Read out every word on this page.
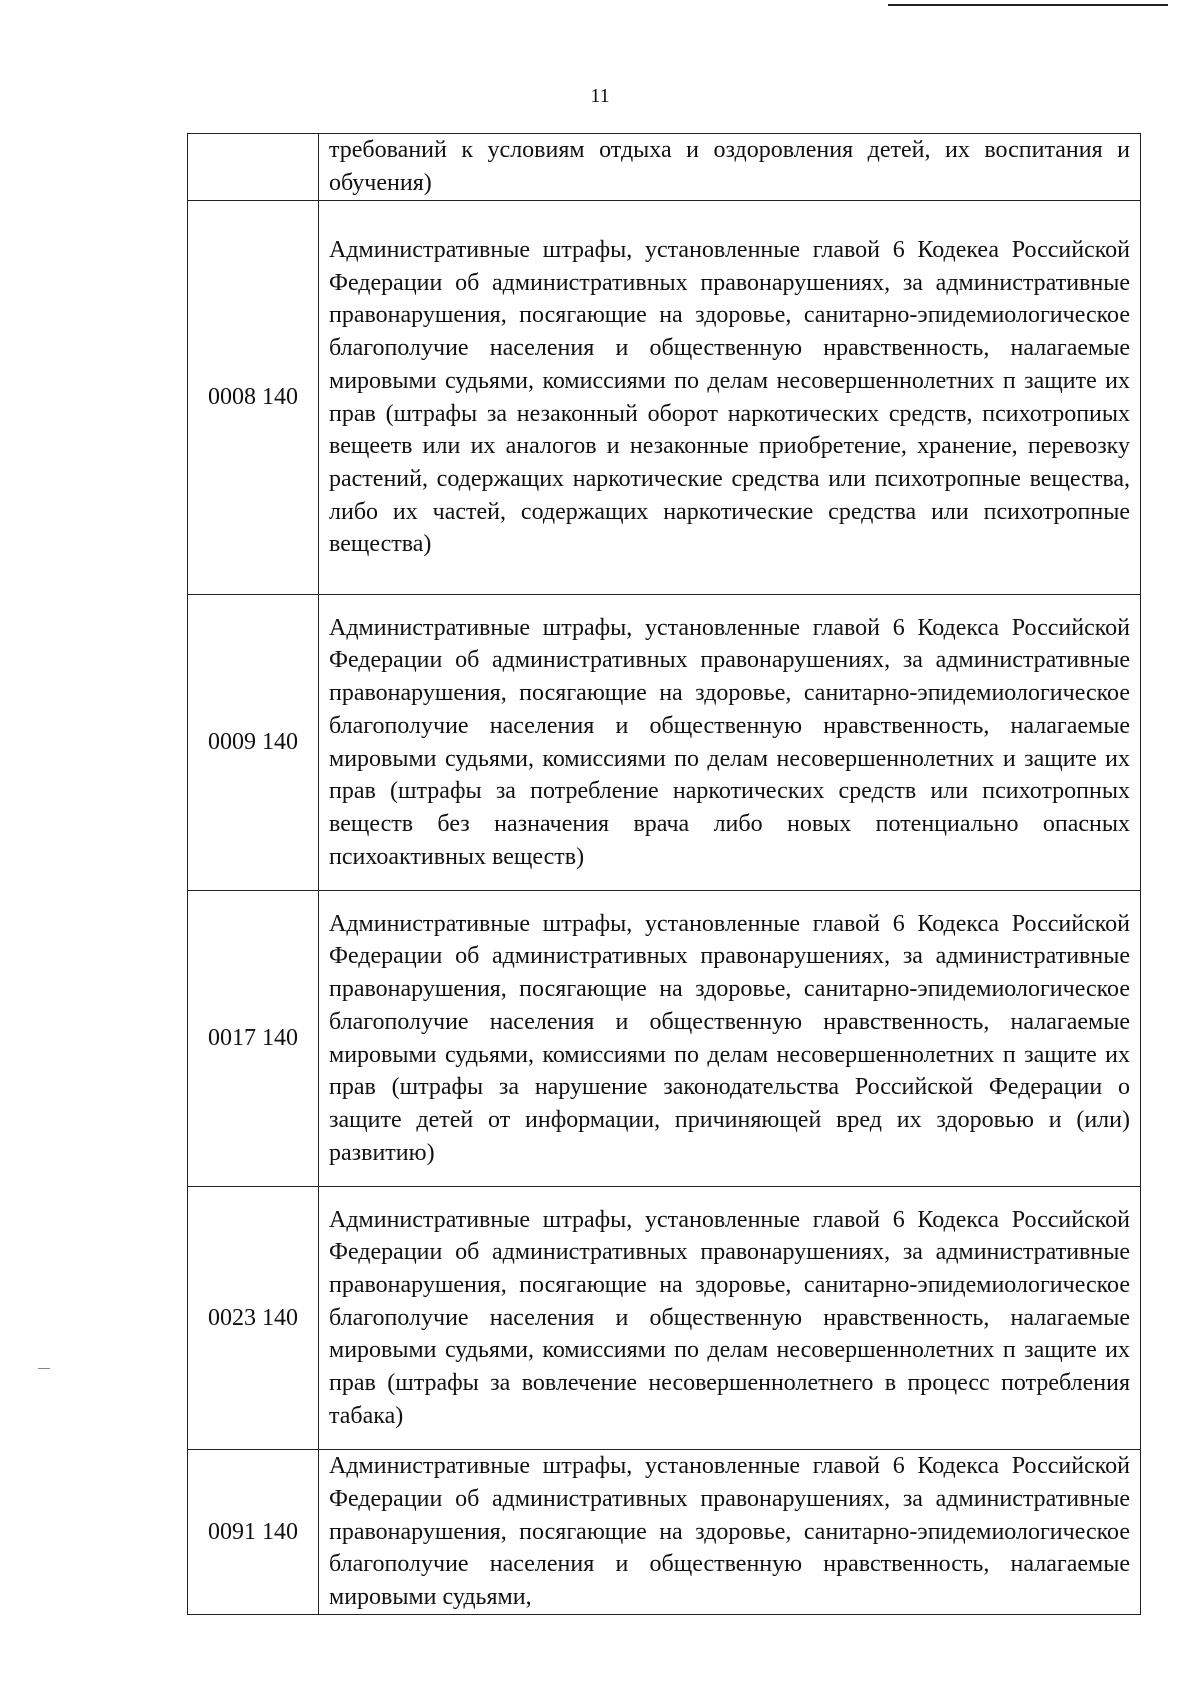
11
	требований к условиям отдыха и оздоровления детей, их воспитания и обучения)
0008 140	Административные штрафы, установленные главой 6 Кодекеа Российской Федерации об административных правонарушениях, за административные правонарушения, посягающие на здоровье, санитарно-эпидемиологическое благополучие населения и общественную нравственность, налагаемые мировыми судьями, комиссиями по делам несовершеннолетних п защите их прав (штрафы за незаконный оборот наркотических средств, психотропиых вещеетв или их аналогов и незаконные приобретение, хранение, перевозку растений, содержащих наркотические средства или психотропные вещества, либо их частей, содержащих наркотические средства или психотропные вещества)
0009 140	Административные штрафы, установленные главой 6 Кодекса Российской Федерации об административных правонарушениях, за административные правонарушения, посягающие на здоровье, санитарно-эпидемиологическое благополучие населения и общественную нравственность, налагаемые мировыми судьями, комиссиями по делам несовершеннолетних и защите их прав (штрафы за потребление наркотических средств или психотропных веществ без назначения врача либо новых потенциально опасных психоактивных веществ)
0017 140	Административные штрафы, установленные главой 6 Кодекса Российской Федерации об административных правонарушениях, за административные правонарушения, посягающие на здоровье, санитарно-эпидемиологическое благополучие населения и общественную нравственность, налагаемые мировыми судьями, комиссиями по делам несовершеннолетних п защите их прав (штрафы за нарушение законодательства Российской Федерации о защите детей от информации, причиняющей вред их здоровью и (или) развитию)
0023 140	Административные штрафы, установленные главой 6 Кодекса Российской Федерации об административных правонарушениях, за административные правонарушения, посягающие на здоровье, санитарно-эпидемиологическое благополучие населения и общественную нравственность, налагаемые мировыми судьями, комиссиями по делам несовершеннолетних п защите их прав (штрафы за вовлечение несовершеннолетнего в процесс потребления табака)
0091 140	Административные штрафы, установленные главой 6 Кодекса Российской Федерации об административных правонарушениях, за административные правонарушения, посягающие на здоровье, санитарно-эпидемиологическое благополучие населения и общественную нравственность, налагаемые мировыми судьями,
